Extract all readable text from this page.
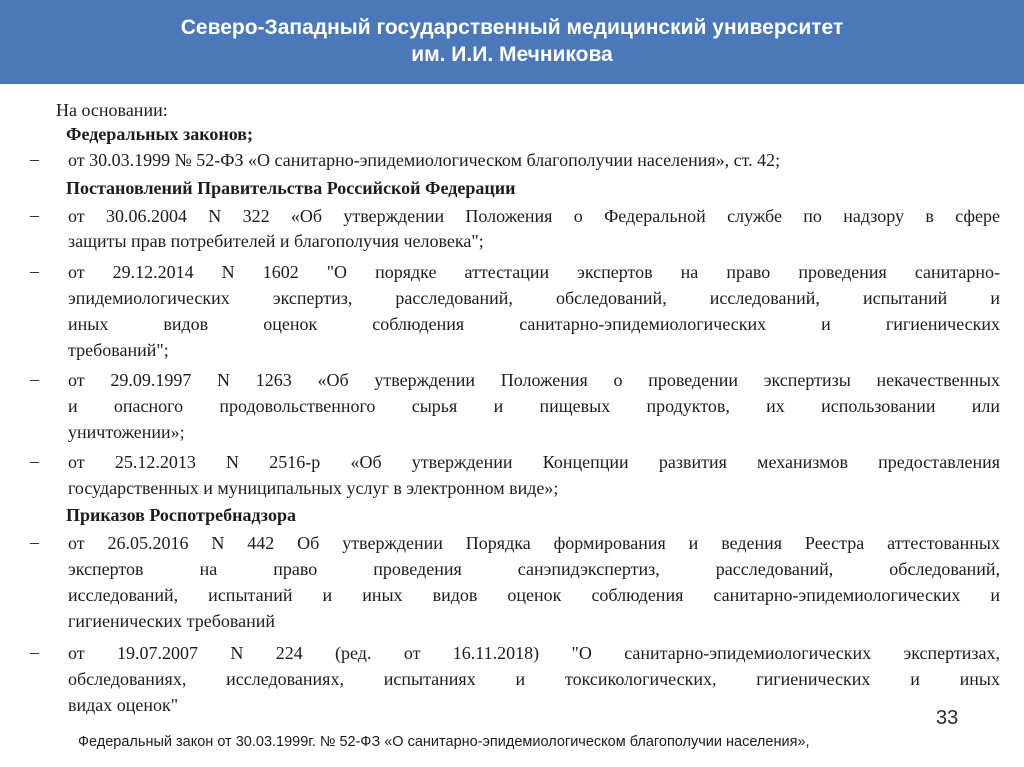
Северо-Западный государственный медицинский университет
им. И.И. Мечникова
На основании:
Федеральных законов;
– от 30.03.1999 № 52-ФЗ «О санитарно-эпидемиологическом благополучии населения», ст. 42;
Постановлений Правительства Российской Федерации
– от 30.06.2004 N 322 «Об утверждении Положения о Федеральной службе по надзору в сфере
защиты прав потребителей и благополучия человека";
– от 29.12.2014 N 1602 "О порядке аттестации экспертов на право проведения санитарно-
эпидемиологических экспертиз, расследований, обследований, исследований, испытаний и
иных видов оценок соблюдения санитарно-эпидемиологических и гигиенических
требований";
– от 29.09.1997 N 1263 «Об утверждении Положения о проведении экспертизы некачественных
и опасного продовольственного сырья и пищевых продуктов, их использовании или
уничтожении»;
– от 25.12.2013 N 2516-р «Об утверждении Концепции развития механизмов предоставления
государственных и муниципальных услуг в электронном виде»;
Приказов Роспотребнадзора
– от 26.05.2016 N 442 Об утверждении Порядка формирования и ведения Реестра аттестованных
экспертов на право проведения санэпидэкспертиз, расследований, обследований,
исследований, испытаний и иных видов оценок соблюдения санитарно-эпидемиологических и
гигиенических требований
– от 19.07.2007 N 224 (ред. от 16.11.2018) "О санитарно-эпидемиологических экспертизах,
обследованиях, исследованиях, испытаниях и токсикологических, гигиенических и иных
видах оценок"
33
Федеральный закон от 30.03.1999г. № 52-ФЗ «О санитарно-эпидемиологическом благополучии населения»,
